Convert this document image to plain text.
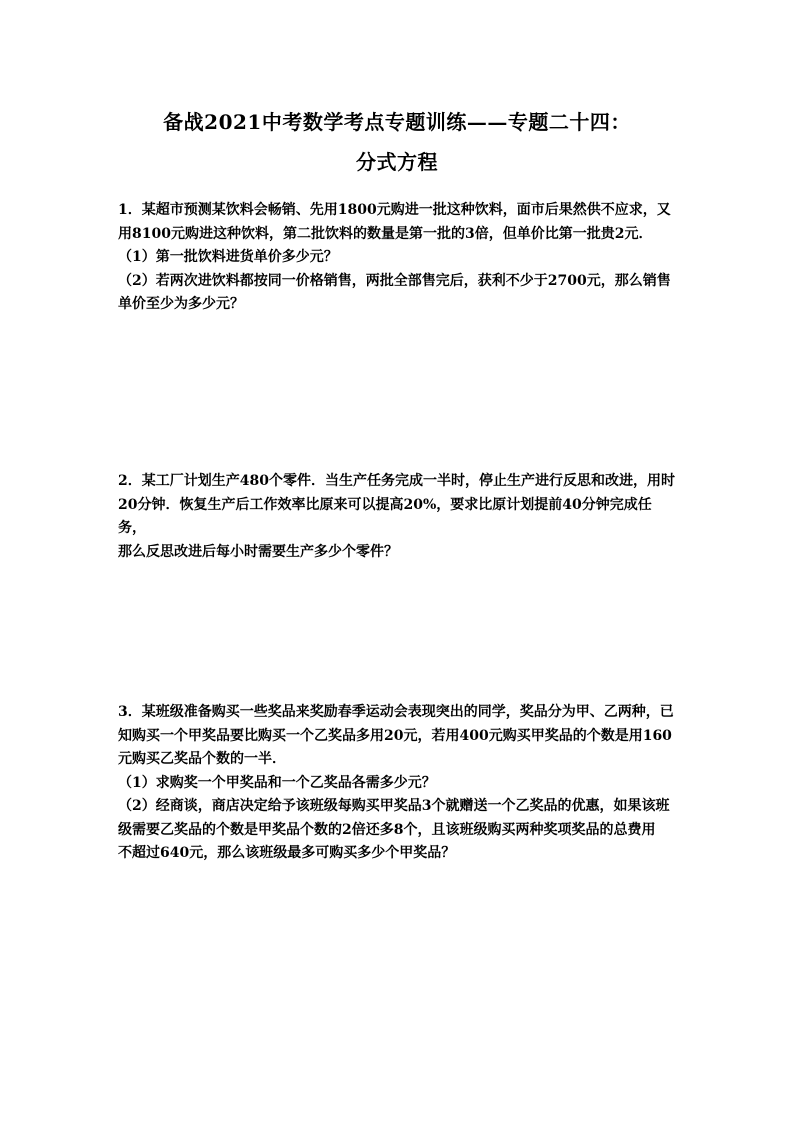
备战2021中考数学考点专题训练——专题二十四：
分式方程

1．某超市预测某饮料会畅销、先用1800元购进一批这种饮料，面市后果然供不应求，又

用8100元购进这种饮料，第二批饮料的数量是第一批的3倍，但单价比第一批贵2元．

（1）第一批饮料进货单价多少元？

（2）若两次进饮料都按同一价格销售，两批全部售完后，获利不少于2700元，那么销售

单价至少为多少元？

2．某工厂计划生产480个零件．当生产任务完成一半时，停止生产进行反思和改进，用时

20分钟．恢复生产后工作效率比原来可以提高20%，要求比原计划提前40分钟完成任务，

那么反思改进后每小时需要生产多少个零件？

3．某班级准备购买一些奖品来奖励春季运动会表现突出的同学，奖品分为甲、乙两种，已

知购买一个甲奖品要比购买一个乙奖品多用20元，若用400元购买甲奖品的个数是用160

元购买乙奖品个数的一半．

（1）求购奖一个甲奖品和一个乙奖品各需多少元？

（2）经商谈，商店决定给予该班级每购买甲奖品3个就赠送一个乙奖品的优惠，如果该班

级需要乙奖品的个数是甲奖品个数的2倍还多8个，且该班级购买两种奖项奖品的总费用

不超过640元，那么该班级最多可购买多少个甲奖品？
